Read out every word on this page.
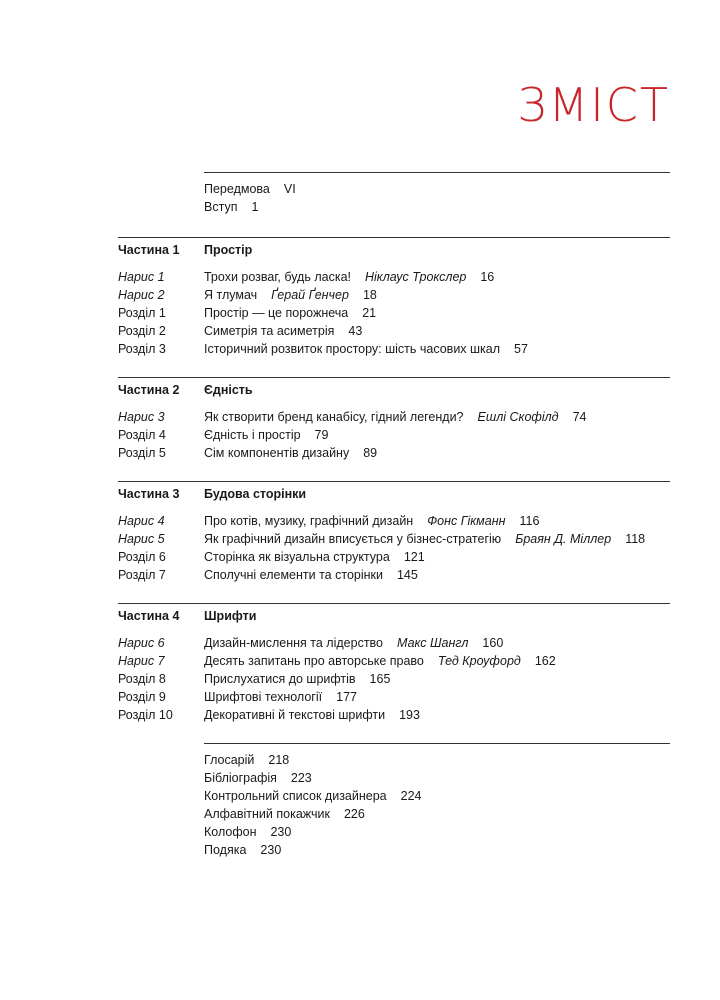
ЗМІСТ
Передмова VI
Вступ 1
Частина 1	Простір
Нарис 1	Трохи розваг, будь ласка! Ніклаус Трокслер 16
Нарис 2	Я тлумач Ґерай Ґенчер 18
Розділ 1	Простір — це порожнеча 21
Розділ 2	Симетрія та асиметрія 43
Розділ 3	Історичний розвиток простору: шість часових шкал 57
Частина 2	Єдність
Нарис 3	Як створити бренд канабісу, гідний легенди? Ешлі Скофілд 74
Розділ 4	Єдність і простір 79
Розділ 5	Сім компонентів дизайну 89
Частина 3	Будова сторінки
Нарис 4	Про котів, музику, графічний дизайн Фонс Гікманн 116
Нарис 5	Як графічний дизайн вписується у бізнес-стратегію Браян Д. Міллер 118
Розділ 6	Сторінка як візуальна структура 121
Розділ 7	Сполучні елементи та сторінки 145
Частина 4	Шрифти
Нарис 6	Дизайн-мислення та лідерство Макс Шангл 160
Нарис 7	Десять запитань про авторське право Тед Кроуфорд 162
Розділ 8	Прислухатися до шрифтів 165
Розділ 9	Шрифтові технології 177
Розділ 10	Декоративні й текстові шрифти 193
Глосарій 218
Бібліографія 223
Контрольний список дизайнера 224
Алфавітний покажчик 226
Колофон 230
Подяка 230
